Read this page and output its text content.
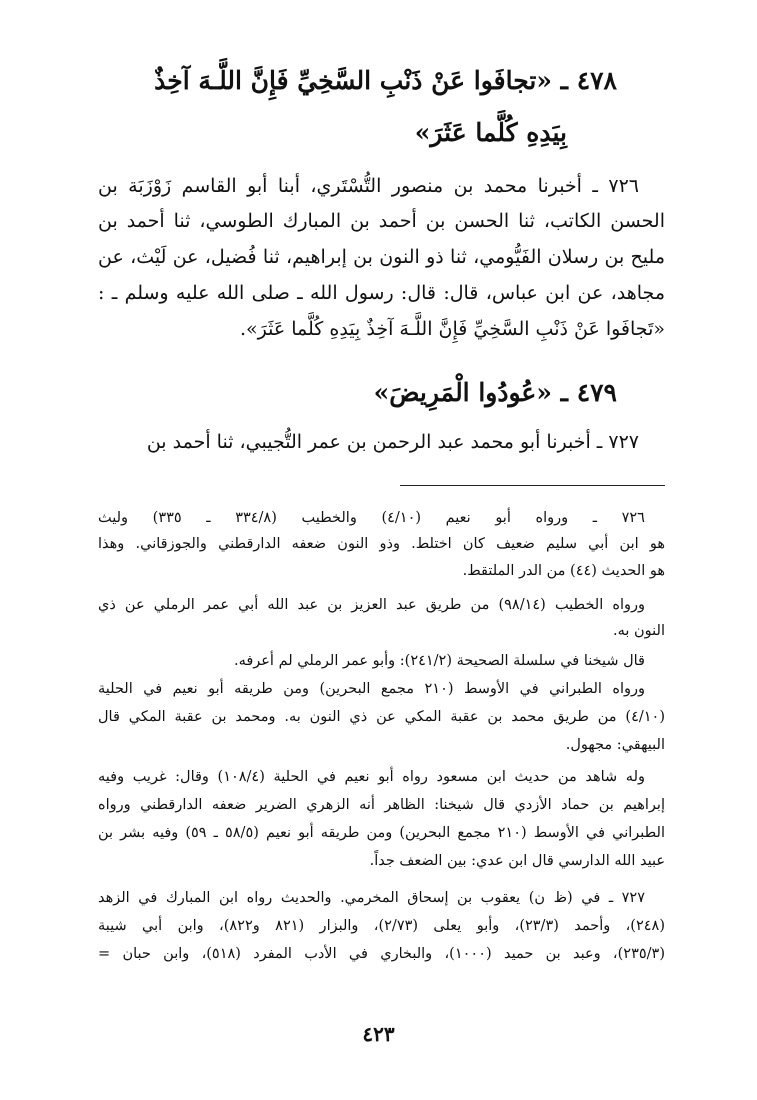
٤٧٨ ـ «تجافَوا عَنْ ذَنْبِ السَّخِيِّ فَإِنَّ اللَّـهَ آخِذٌ
بِيَدِهِ كُلَّما عَثَرَ»
٧٢٦ ـ أخبرنا محمد بن منصور التُّسْتَري، أبنا أبو القاسم زَوْزَبَة بن
الحسن الكاتب، ثنا الحسن بن أحمد بن المبارك الطوسي، ثنا أحمد بن
مليح بن رسلان الفَيُّومي، ثنا ذو النون بن إبراهيم، ثنا فُضيل، عن لَيْث، عن
مجاهد، عن ابن عباس، قال: قال: رسول الله ـ صلى الله عليه وسلم ـ :
«تَجافَوا عَنْ ذَنْبِ السَّخِيِّ فَإِنَّ اللَّـهَ آخِذٌ بِيَدِهِ كُلَّما عَثَرَ».
٤٧٩ ـ «عُودُوا الْمَرِيضَ»
٧٢٧ ـ أخبرنا أبو محمد عبد الرحمن بن عمر التُّجيبي، ثنا أحمد بن
٧٢٦ ـ ورواه أبو نعيم (٤/١٠) والخطيب (٣٣٤/٨ ـ ٣٣٥) وليث
هو ابن أبي سليم ضعيف كان اختلط. وذو النون ضعفه الدارقطني والجوزقاني. وهذا
هو الحديث (٤٤) من الدر الملتقط.
ورواه الخطيب (٩٨/١٤) من طريق عبد العزيز بن عبد الله أبي عمر الرملي عن ذي
النون به.
قال شيخنا في سلسلة الصحيحة (٢٤١/٢): وأبو عمر الرملي لم أعرفه.
ورواه الطبراني في الأوسط (٢١٠ مجمع البحرين) ومن طريقه أبو نعيم في الحلية
(٤/١٠) من طريق محمد بن عقبة المكي عن ذي النون به. ومحمد بن عقبة المكي قال
البيهقي: مجهول.
وله شاهد من حديث ابن مسعود رواه أبو نعيم في الحلية (١٠٨/٤) وقال: غريب وفيه
إبراهيم بن حماد الأزدي قال شيخنا: الظاهر أنه الزهري الضرير ضعفه الدارقطني ورواه
الطبراني في الأوسط (٢١٠ مجمع البحرين) ومن طريقه أبو نعيم (٥٨/٥ ـ ٥٩) وفيه بشر بن
عبيد الله الدارسي قال ابن عدي: بين الضعف جداً.
٧٢٧ ـ في (ظ ن) يعقوب بن إسحاق المخرمي. والحديث رواه ابن المبارك في الزهد
(٢٤٨)، وأحمد (٢٣/٣)، وأبو يعلى (٢/٧٣)، والبزار (٨٢١ و٨٢٢)، وابن أبي شيبة
(٢٣٥/٣)، وعبد بن حميد (١٠٠٠)، والبخاري في الأدب المفرد (٥١٨)، وابن حبان =
٤٢٣
